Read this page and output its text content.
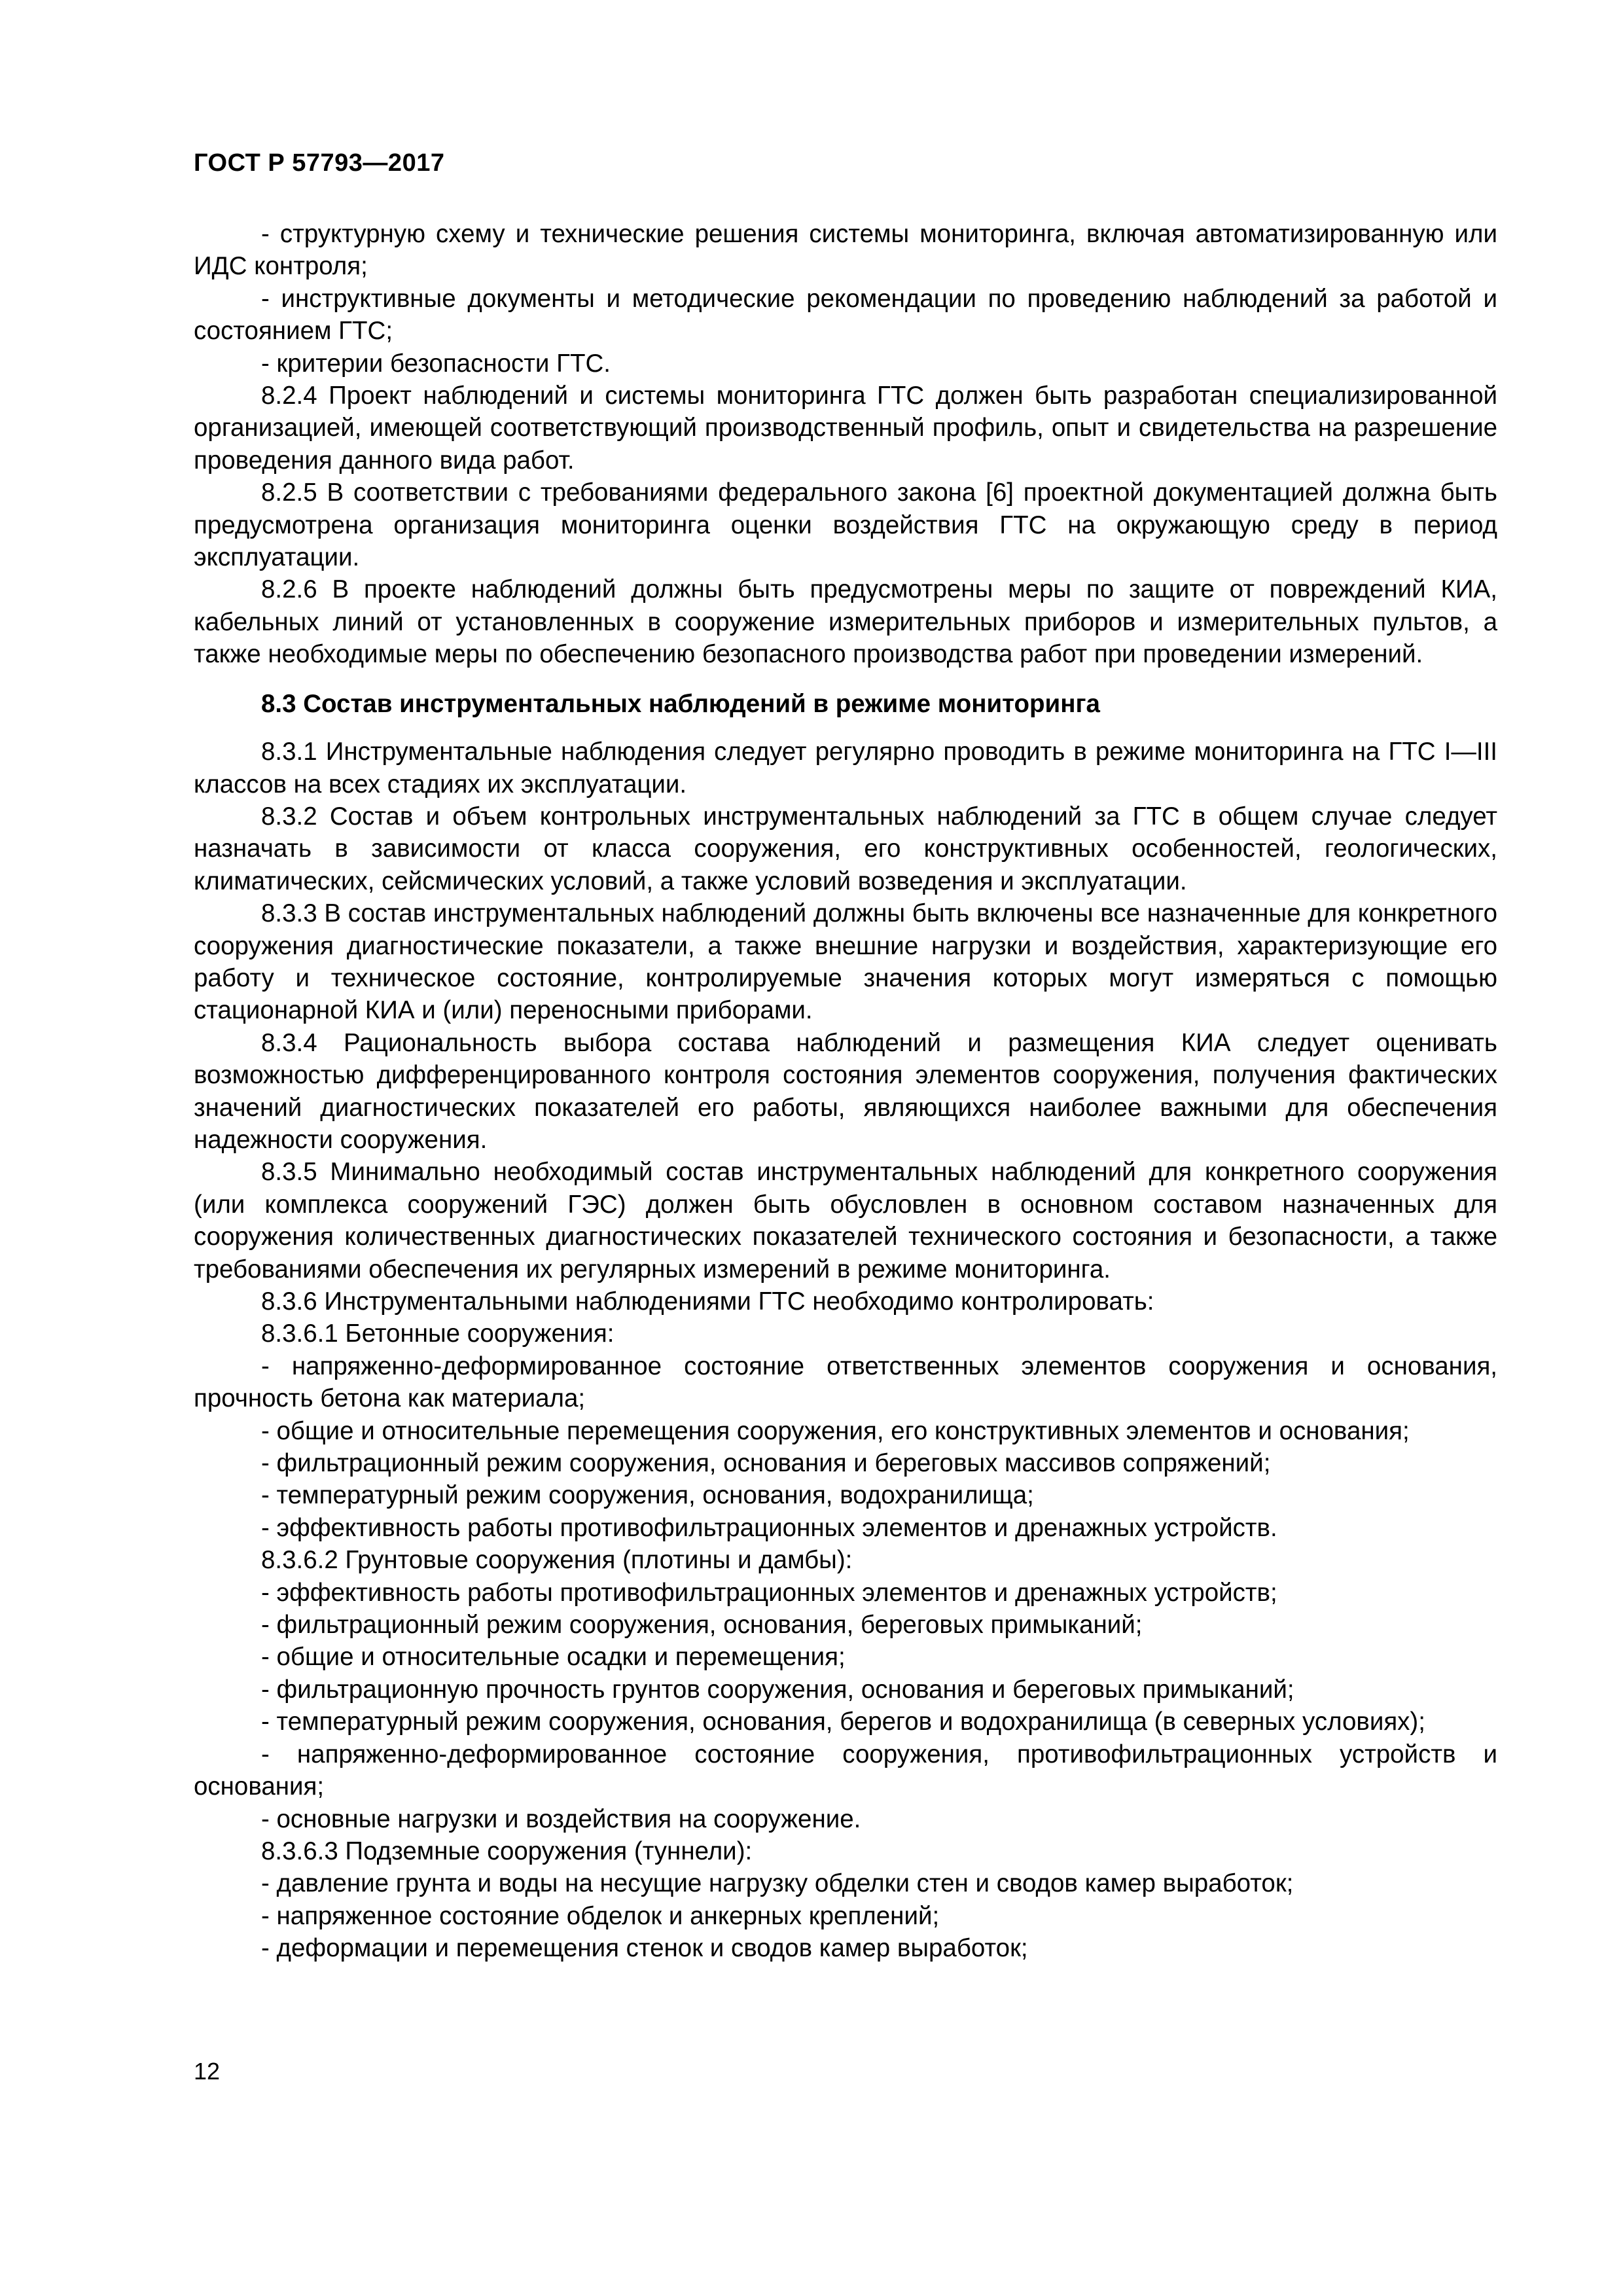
ГОСТ Р 57793—2017

- структурную схему и технические решения системы мониторинга, включая автоматизированную или ИДС контроля;

- инструктивные документы и методические рекомендации по проведению наблюдений за работой и состоянием ГТС;

- критерии безопасности ГТС.

8.2.4 Проект наблюдений и системы мониторинга ГТС должен быть разработан специализированной организацией, имеющей соответствующий производственный профиль, опыт и свидетельства на разрешение проведения данного вида работ.

8.2.5 В соответствии с требованиями федерального закона [6] проектной документацией должна быть предусмотрена организация мониторинга оценки воздействия ГТС на окружающую среду в период эксплуатации.

8.2.6 В проекте наблюдений должны быть предусмотрены меры по защите от повреждений КИА, кабельных линий от установленных в сооружение измерительных приборов и измерительных пультов, а также необходимые меры по обеспечению безопасного производства работ при проведении измерений.

8.3 Состав инструментальных наблюдений в режиме мониторинга

8.3.1 Инструментальные наблюдения следует регулярно проводить в режиме мониторинга на ГТС I—III классов на всех стадиях их эксплуатации.

8.3.2 Состав и объем контрольных инструментальных наблюдений за ГТС в общем случае следует назначать в зависимости от класса сооружения, его конструктивных особенностей, геологических, климатических, сейсмических условий, а также условий возведения и эксплуатации.

8.3.3 В состав инструментальных наблюдений должны быть включены все назначенные для конкретного сооружения диагностические показатели, а также внешние нагрузки и воздействия, характеризующие его работу и техническое состояние, контролируемые значения которых могут измеряться с помощью стационарной КИА и (или) переносными приборами.

8.3.4 Рациональность выбора состава наблюдений и размещения КИА следует оценивать возможностью дифференцированного контроля состояния элементов сооружения, получения фактических значений диагностических показателей его работы, являющихся наиболее важными для обеспечения надежности сооружения.

8.3.5 Минимально необходимый состав инструментальных наблюдений для конкретного сооружения (или комплекса сооружений ГЭС) должен быть обусловлен в основном составом назначенных для сооружения количественных диагностических показателей технического состояния и безопасности, а также требованиями обеспечения их регулярных измерений в режиме мониторинга.

8.3.6 Инструментальными наблюдениями ГТС необходимо контролировать:

8.3.6.1 Бетонные сооружения:

- напряженно-деформированное состояние ответственных элементов сооружения и основания, прочность бетона как материала;

- общие и относительные перемещения сооружения, его конструктивных элементов и основания;

- фильтрационный режим сооружения, основания и береговых массивов сопряжений;

- температурный режим сооружения, основания, водохранилища;

- эффективность работы противофильтрационных элементов и дренажных устройств.

8.3.6.2 Грунтовые сооружения (плотины и дамбы):

- эффективность работы противофильтрационных элементов и дренажных устройств;

- фильтрационный режим сооружения, основания, береговых примыканий;

- общие и относительные осадки и перемещения;

- фильтрационную прочность грунтов сооружения, основания и береговых примыканий;

- температурный режим сооружения, основания, берегов и водохранилища (в северных условиях);

- напряженно-деформированное состояние сооружения, противофильтрационных устройств и основания;

- основные нагрузки и воздействия на сооружение.

8.3.6.3 Подземные сооружения (туннели):

- давление грунта и воды на несущие нагрузку обделки стен и сводов камер выработок;

- напряженное состояние обделок и анкерных креплений;

- деформации и перемещения стенок и сводов камер выработок;

12
